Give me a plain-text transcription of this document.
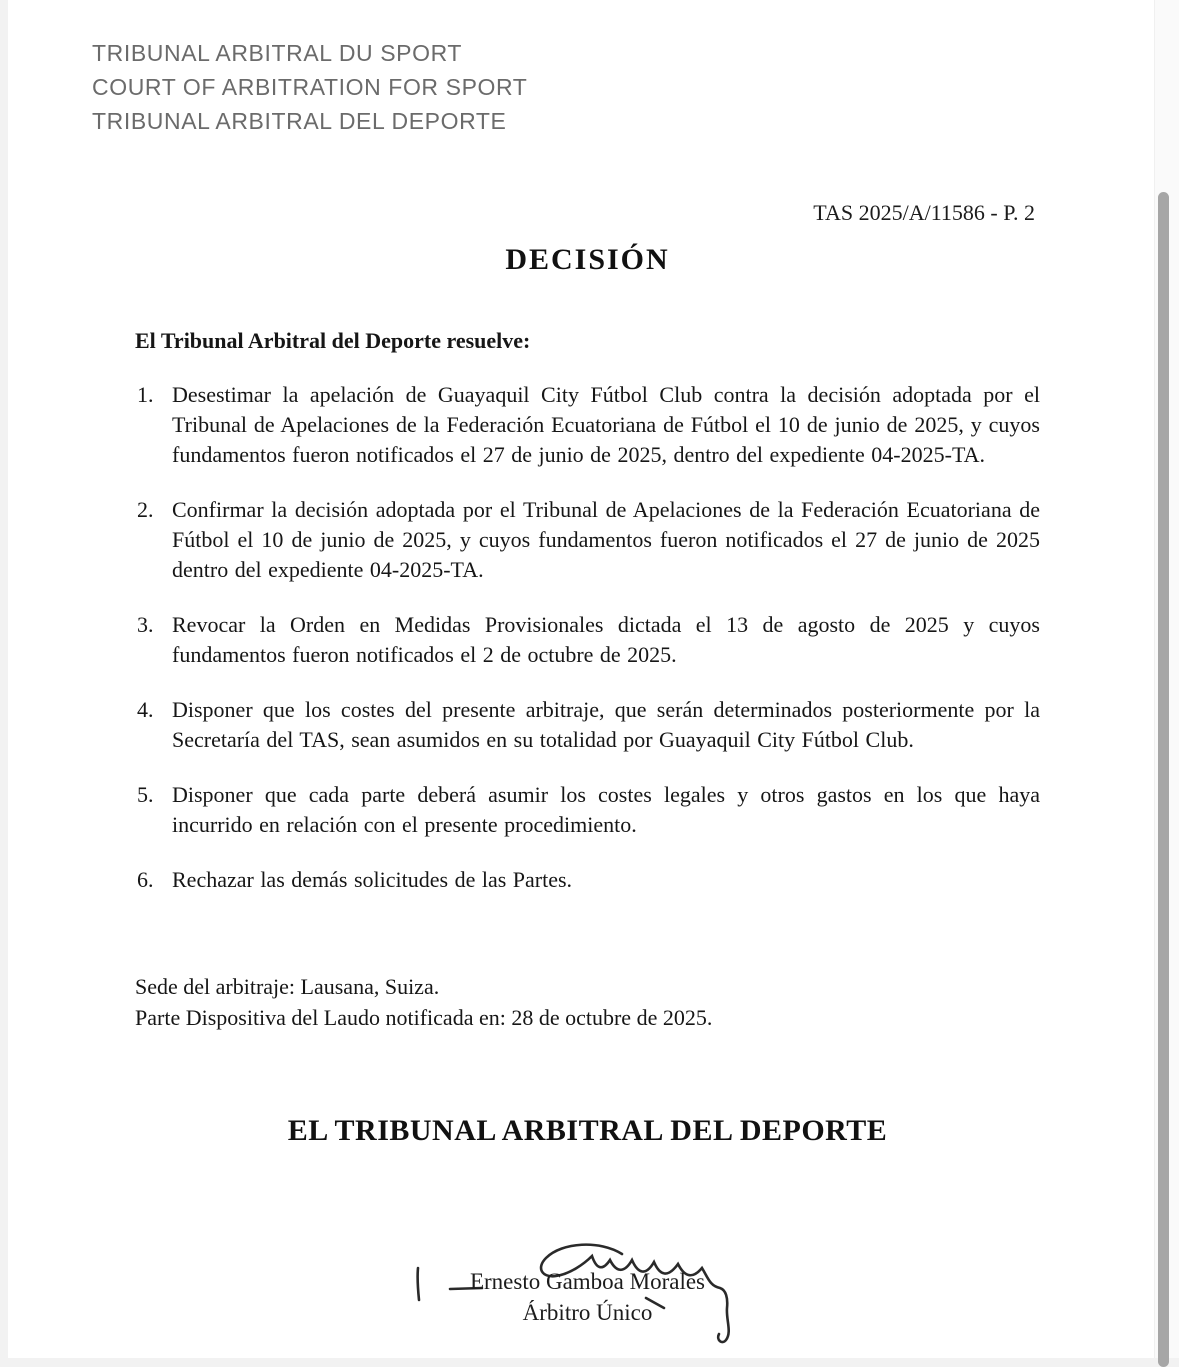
TRIBUNAL ARBITRAL DU SPORT
COURT OF ARBITRATION FOR SPORT
TRIBUNAL ARBITRAL DEL DEPORTE
TAS 2025/A/11586 - P. 2
DECISIÓN
El Tribunal Arbitral del Deporte resuelve:
1. Desestimar la apelación de Guayaquil City Fútbol Club contra la decisión adoptada por el Tribunal de Apelaciones de la Federación Ecuatoriana de Fútbol el 10 de junio de 2025, y cuyos fundamentos fueron notificados el 27 de junio de 2025, dentro del expediente 04-2025-TA.
2. Confirmar la decisión adoptada por el Tribunal de Apelaciones de la Federación Ecuatoriana de Fútbol el 10 de junio de 2025, y cuyos fundamentos fueron notificados el 27 de junio de 2025 dentro del expediente 04-2025-TA.
3. Revocar la Orden en Medidas Provisionales dictada el 13 de agosto de 2025 y cuyos fundamentos fueron notificados el 2 de octubre de 2025.
4. Disponer que los costes del presente arbitraje, que serán determinados posteriormente por la Secretaría del TAS, sean asumidos en su totalidad por Guayaquil City Fútbol Club.
5. Disponer que cada parte deberá asumir los costes legales y otros gastos en los que haya incurrido en relación con el presente procedimiento.
6. Rechazar las demás solicitudes de las Partes.
Sede del arbitraje: Lausana, Suiza.
Parte Dispositiva del Laudo notificada en: 28 de octubre de 2025.
EL TRIBUNAL ARBITRAL DEL DEPORTE
Ernesto Gamboa Morales
Árbitro Único
